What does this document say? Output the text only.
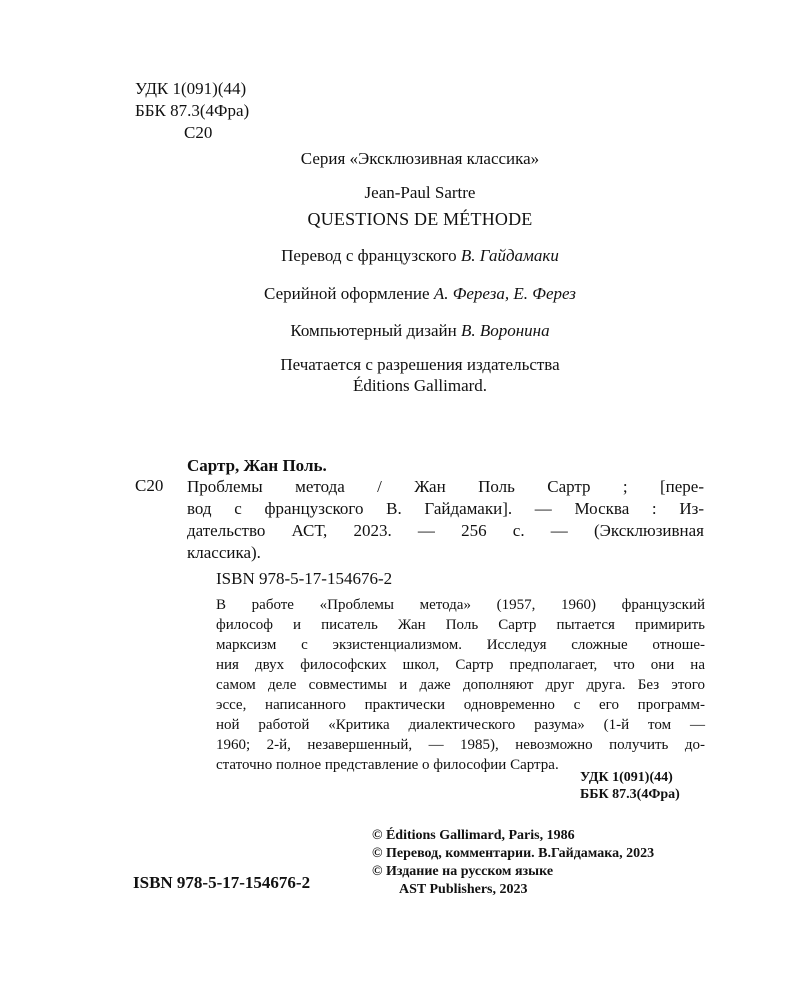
УДК 1(091)(44)
ББК 87.3(4Фра)
С20
Серия «Эксклюзивная классика»
Jean-Paul Sartre
QUESTIONS DE MÉTHODE
Перевод с французского В. Гайдамаки
Серийной оформление А. Фереза, Е. Ферез
Компьютерный дизайн В. Воронина
Печатается с разрешения издательства
Éditions Gallimard.
Сартр, Жан Поль.
С20 Проблемы метода / Жан Поль Сартр ; [пере-
вод с французского В. Гайдамаки]. — Москва : Из-
дательство АСТ, 2023. — 256 с. — (Эксклюзивная
классика).
ISBN 978-5-17-154676-2
В работе «Проблемы метода» (1957, 1960) французский
философ и писатель Жан Поль Сартр пытается примирить
марксизм с экзистенциализмом. Исследуя сложные отноше-
ния двух философских школ, Сартр предполагает, что они на
самом деле совместимы и даже дополняют друг друга. Без этого
эссе, написанного практически одновременно с его программ-
ной работой «Критика диалектического разума» (1-й том —
1960; 2-й, незавершенный, — 1985), невозможно получить до-
статочно полное представление о философии Сартра.
УДК 1(091)(44)
ББК 87.3(4Фра)
© Éditions Gallimard, Paris, 1986
© Перевод, комментарии. В.Гайдамака, 2023
© Издание на русском языке
AST Publishers, 2023
ISBN 978-5-17-154676-2
